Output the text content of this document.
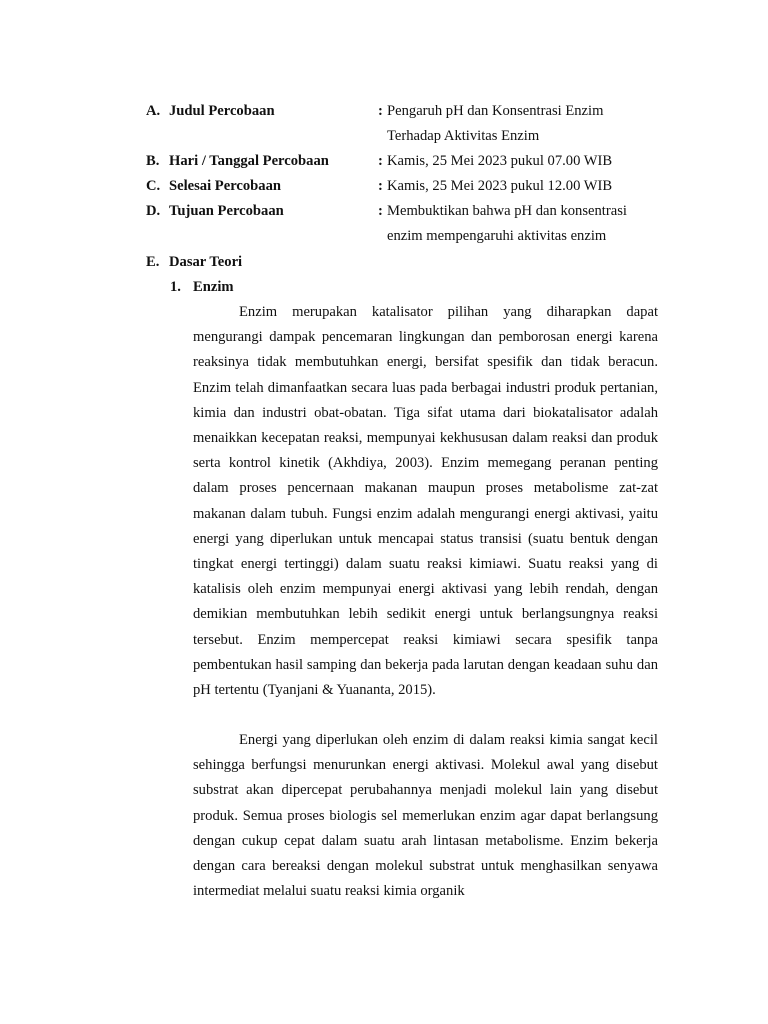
A. Judul Percobaan	: Pengaruh pH dan Konsentrasi Enzim
Terhadap Aktivitas Enzim
B. Hari / Tanggal Percobaan	: Kamis, 25 Mei 2023 pukul 07.00 WIB
C. Selesai Percobaan	: Kamis, 25 Mei 2023 pukul 12.00 WIB
D. Tujuan Percobaan	: Membuktikan bahwa pH dan konsentrasi
enzim mempengaruhi aktivitas enzim
E. Dasar Teori
1. Enzim

Enzim merupakan katalisator pilihan yang diharapkan dapat mengurangi dampak pencemaran lingkungan dan pemborosan energi karena reaksinya tidak membutuhkan energi, bersifat spesifik dan tidak beracun. Enzim telah dimanfaatkan secara luas pada berbagai industri produk pertanian, kimia dan industri obat-obatan. Tiga sifat utama dari biokatalisator adalah menaikkan kecepatan reaksi, mempunyai kekhususan dalam reaksi dan produk serta kontrol kinetik (Akhdiya, 2003). Enzim memegang peranan penting dalam proses pencernaan makanan maupun proses metabolisme zat-zat makanan dalam tubuh. Fungsi enzim adalah mengurangi energi aktivasi, yaitu energi yang diperlukan untuk mencapai status transisi (suatu bentuk dengan tingkat energi tertinggi) dalam suatu reaksi kimiawi. Suatu reaksi yang di katalisis oleh enzim mempunyai energi aktivasi yang lebih rendah, dengan demikian membutuhkan lebih sedikit energi untuk berlangsungnya reaksi tersebut. Enzim mempercepat reaksi kimiawi secara spesifik tanpa pembentukan hasil samping dan bekerja pada larutan dengan keadaan suhu dan pH tertentu (Tyanjani & Yuananta, 2015).

Energi yang diperlukan oleh enzim di dalam reaksi kimia sangat kecil sehingga berfungsi menurunkan energi aktivasi. Molekul awal yang disebut substrat akan dipercepat perubahannya menjadi molekul lain yang disebut produk. Semua proses biologis sel memerlukan enzim agar dapat berlangsung dengan cukup cepat dalam suatu arah lintasan metabolisme. Enzim bekerja dengan cara bereaksi dengan molekul substrat untuk menghasilkan senyawa intermediat melalui suatu reaksi kimia organik
